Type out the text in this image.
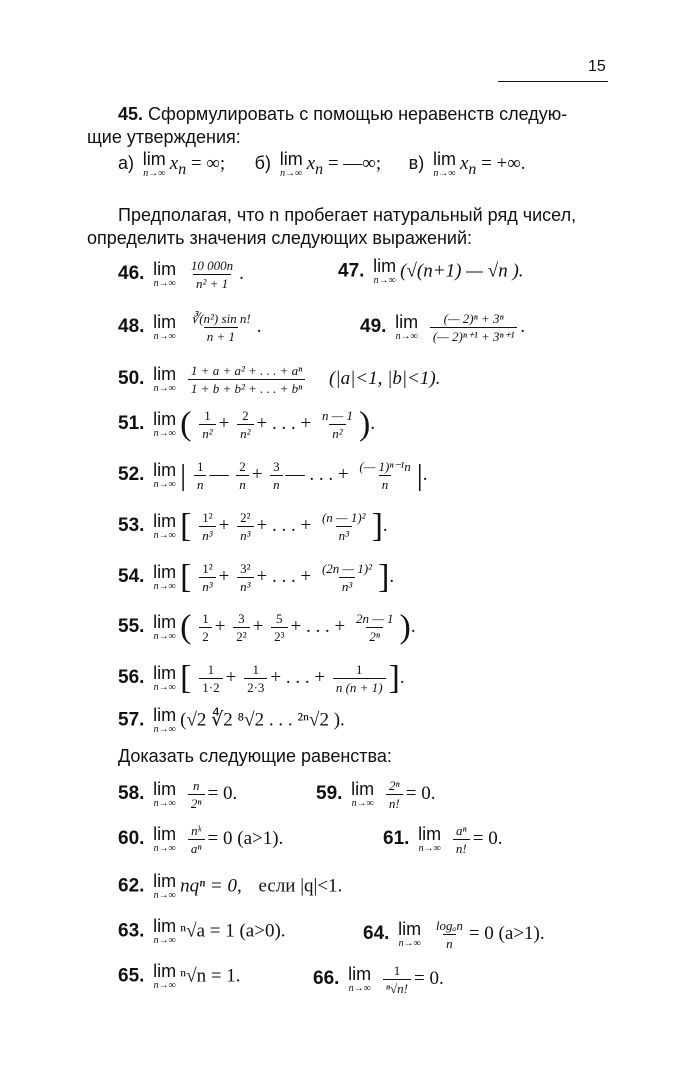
15
45. Сформулировать с помощью неравенств следую-
щие утверждения:
а) lim
n→∞ $x_n$ = ∞; б) lim
n→∞ $x_n$ = —∞; в) lim
n→∞ $x_n$ = +∞.
Предполагая, что n пробегает натуральный ряд чисел,
определить значения следующих выражений:
46. lim
n→∞
$\frac{10 000n}{\text{n² + 1}}$ .	47. lim
n→∞ (√(n+1) — √n ).
48. lim
n→∞
$\frac{\text{∛(n²) sin n!}}{n + 1}$ .	49. lim
n→∞
$\frac{\text{(— 2)ⁿ + 3ⁿ}}{\text{(— 2)ⁿ⁺¹ + 3ⁿ⁺¹}}$ .
50. lim
n→∞
$\frac{\text{1 + a + a² + . . . + aⁿ}}{\text{1 + b + b² + . . . + bⁿ}} (|a|<1$, |b|<1).
51. lim
n→∞ ( $\frac{1}{\text{n²}} + \frac{2}{\text{n²}}$ + . . . + $\frac{n — 1}{\text{n²}}$ ).
52. lim
n→∞ | $\frac{1}{n}$ — $\frac{2}{n} + \frac{3}{n}$ — . . . + $\frac{\text{(— 1)ⁿ⁻¹n}}{n}$ |.
53. lim
n→∞ [ $\frac{\text{1²}}{\text{n³}} + \frac{\text{2²}}{\text{n³}}$ + . . . + $\frac{\text{(n — 1)²}}{\text{n³}}$ ].
54. lim
n→∞ [ $\frac{\text{1²}}{\text{n³}} + \frac{\text{3²}}{\text{n³}}$ + . . . + $\frac{\text{(2n — 1)²}}{\text{n³}}$ ].
55. lim
n→∞ ( $\frac{1}{2} + \frac{3}{\text{2²}} + \frac{5}{\text{2³}}$ + . . . + $\frac{2n — 1}{\text{2ⁿ}}$ ).
56. lim
n→∞ [ $\frac{1}{1\cdot 2} + \frac{1}{2\cdot 3}$ + . . . + $\frac{1}{n (n + 1)}$ ].
57. lim
n→∞ (√2 ∜2 ⁸√2 . . . ²ⁿ√2 ).
Доказать следующие равенства:
58. lim
n→∞
$\frac{n}{\text{2ⁿ}} = 0$.	59. lim
n→∞
$\frac{\text{2ⁿ}}{n!} = 0$.
60. lim
n→∞
$\frac{\text{nᵏ}}{\text{aⁿ}} = 0$ (a>1).	61. lim
n→∞
$\frac{\text{aⁿ}}{n!} = 0$.
62. lim
n→∞ nqⁿ = 0, если |q|<1.
63. lim
n→∞ ⁿ√a = 1 (a>0).	64. lim
n→∞
$\frac{\text{logₐn}}{n} = 0$ (a>1).
65. lim
n→∞ ⁿ√n = 1.	66. lim
n→∞
$\frac{1}{\text{ⁿ√n!}} = 0$.
